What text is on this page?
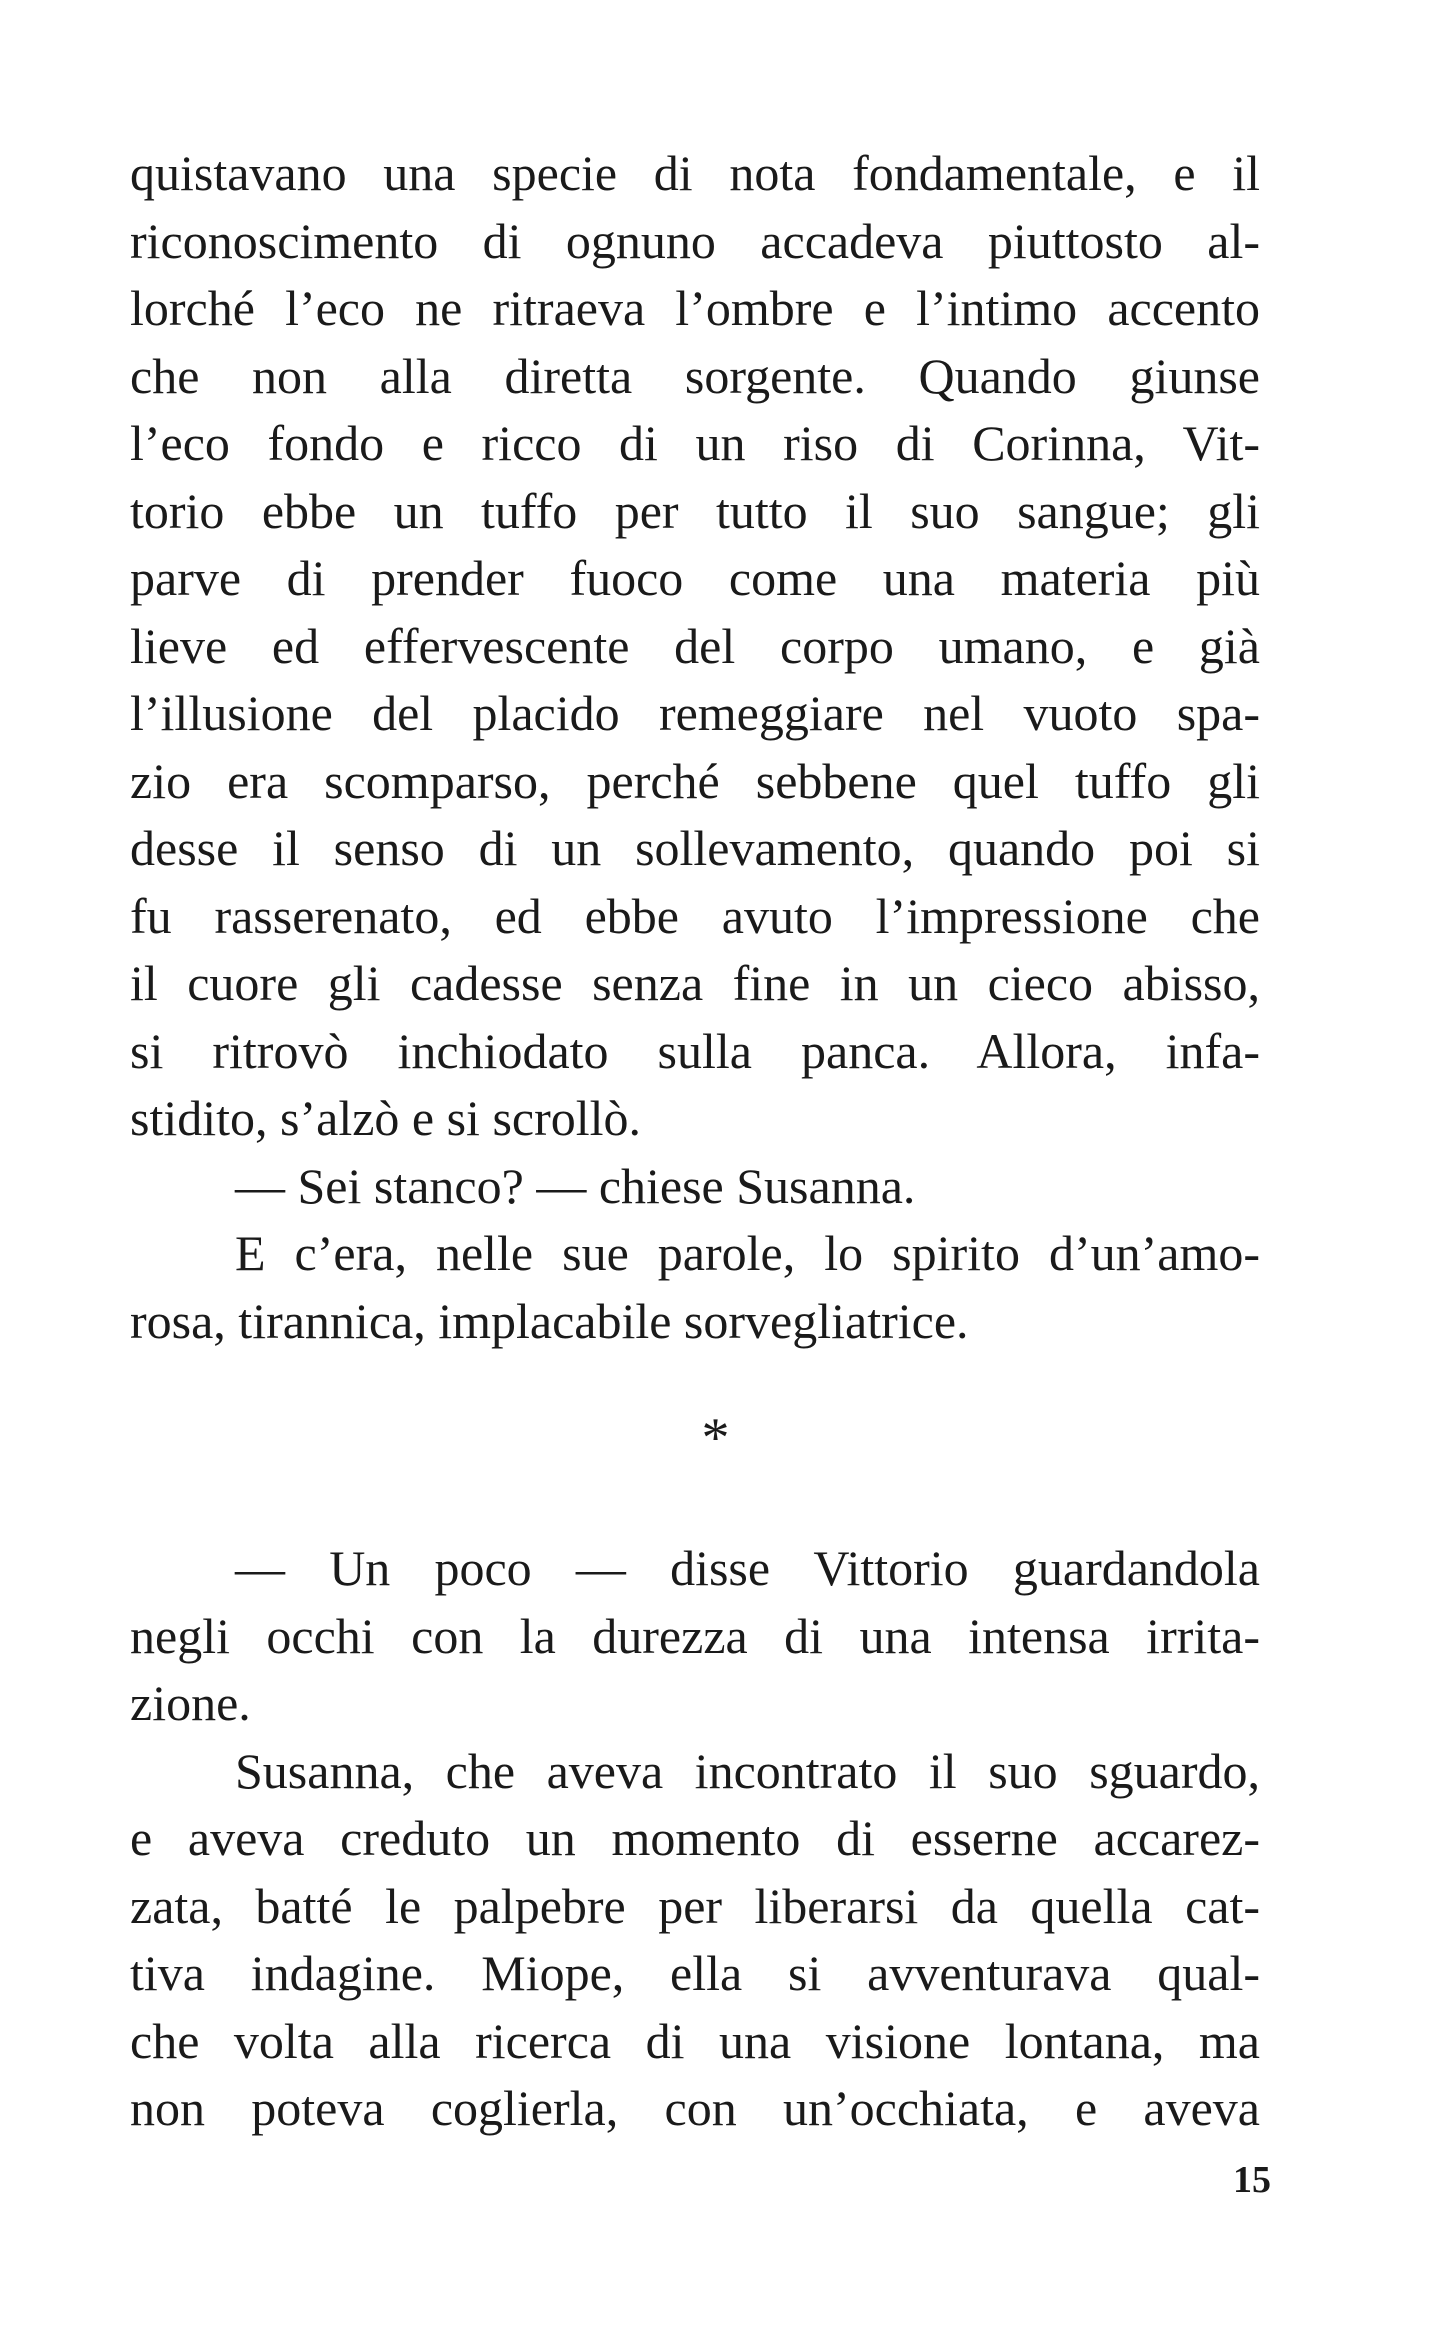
quistavano una specie di nota fondamentale, e il
riconoscimento di ognuno accadeva piuttosto al-
lorché l’eco ne ritraeva l’ombre e l’intimo accento
che non alla diretta sorgente. Quando giunse
l’eco fondo e ricco di un riso di Corinna, Vit-
torio ebbe un tuffo per tutto il suo sangue; gli
parve di prender fuoco come una materia più
lieve ed effervescente del corpo umano, e già
l’illusione del placido remeggiare nel vuoto spa-
zio era scomparso, perché sebbene quel tuffo gli
desse il senso di un sollevamento, quando poi si
fu rasserenato, ed ebbe avuto l’impressione che
il cuore gli cadesse senza fine in un cieco abisso,
si ritrovò inchiodato sulla panca. Allora, infa-
stidito, s’alzò e si scrollò.
— Sei stanco? — chiese Susanna.
E c’era, nelle sue parole, lo spirito d’un’amo-
rosa, tirannica, implacabile sorvegliatrice.
*
— Un poco — disse Vittorio guardandola
negli occhi con la durezza di una intensa irrita-
zione.
Susanna, che aveva incontrato il suo sguardo,
e aveva creduto un momento di esserne accarez-
zata, batté le palpebre per liberarsi da quella cat-
tiva indagine. Miope, ella si avventurava qual-
che volta alla ricerca di una visione lontana, ma
non poteva coglierla, con un’occhiata, e aveva
15
